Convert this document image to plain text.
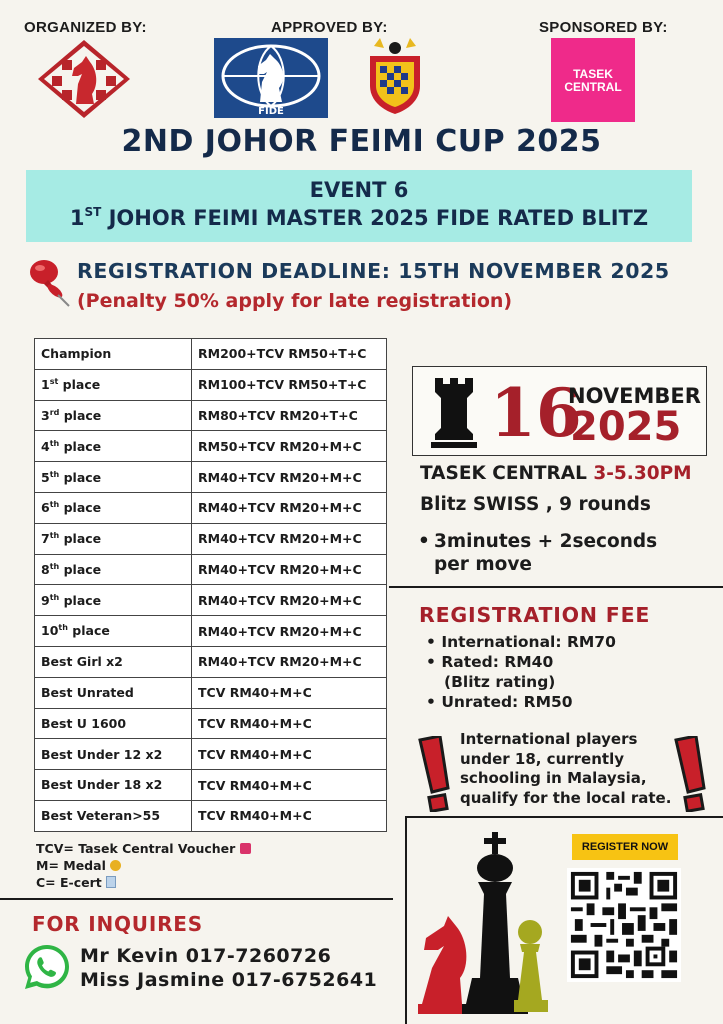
ORGANIZED BY:	APPROVED BY:	SPONSORED BY:
FIDE
TASEK
CENTRAL
2ND JOHOR FEIMI CUP 2025
EVENT 6
1ST JOHOR FEIMI MASTER 2025 FIDE RATED BLITZ
REGISTRATION DEADLINE: 15TH NOVEMBER 2025
(Penalty 50% apply for late registration)
Champion	RM200+TCV RM50+T+C
1st place	RM100+TCV RM50+T+C
3rd place	RM80+TCV RM20+T+C
4th place	RM50+TCV RM20+M+C
5th place	RM40+TCV RM20+M+C
6th place	RM40+TCV RM20+M+C
7th place	RM40+TCV RM20+M+C
8th place	RM40+TCV RM20+M+C
9th place	RM40+TCV RM20+M+C
10th place	RM40+TCV RM20+M+C
Best Girl x2	RM40+TCV RM20+M+C
Best Unrated	TCV RM40+M+C
Best U 1600	TCV RM40+M+C
Best Under 12 x2	TCV RM40+M+C
Best Under 18 x2	TCV RM40+M+C
Best Veteran>55	TCV RM40+M+C
TCV= Tasek Central Voucher
M= Medal
C= E-cert
16
NOVEMBER
2025
TASEK CENTRAL 3-5.30PM
Blitz SWISS , 9 rounds
• 3minutes + 2seconds
per move
REGISTRATION FEE
• International: RM70
• Rated: RM40
(Blitz rating)
• Unrated: RM50
International players
under 18, currently
schooling in Malaysia,
qualify for the local rate.
REGISTER NOW
FOR INQUIRES
Mr Kevin 017-7260726
Miss Jasmine 017-6752641
